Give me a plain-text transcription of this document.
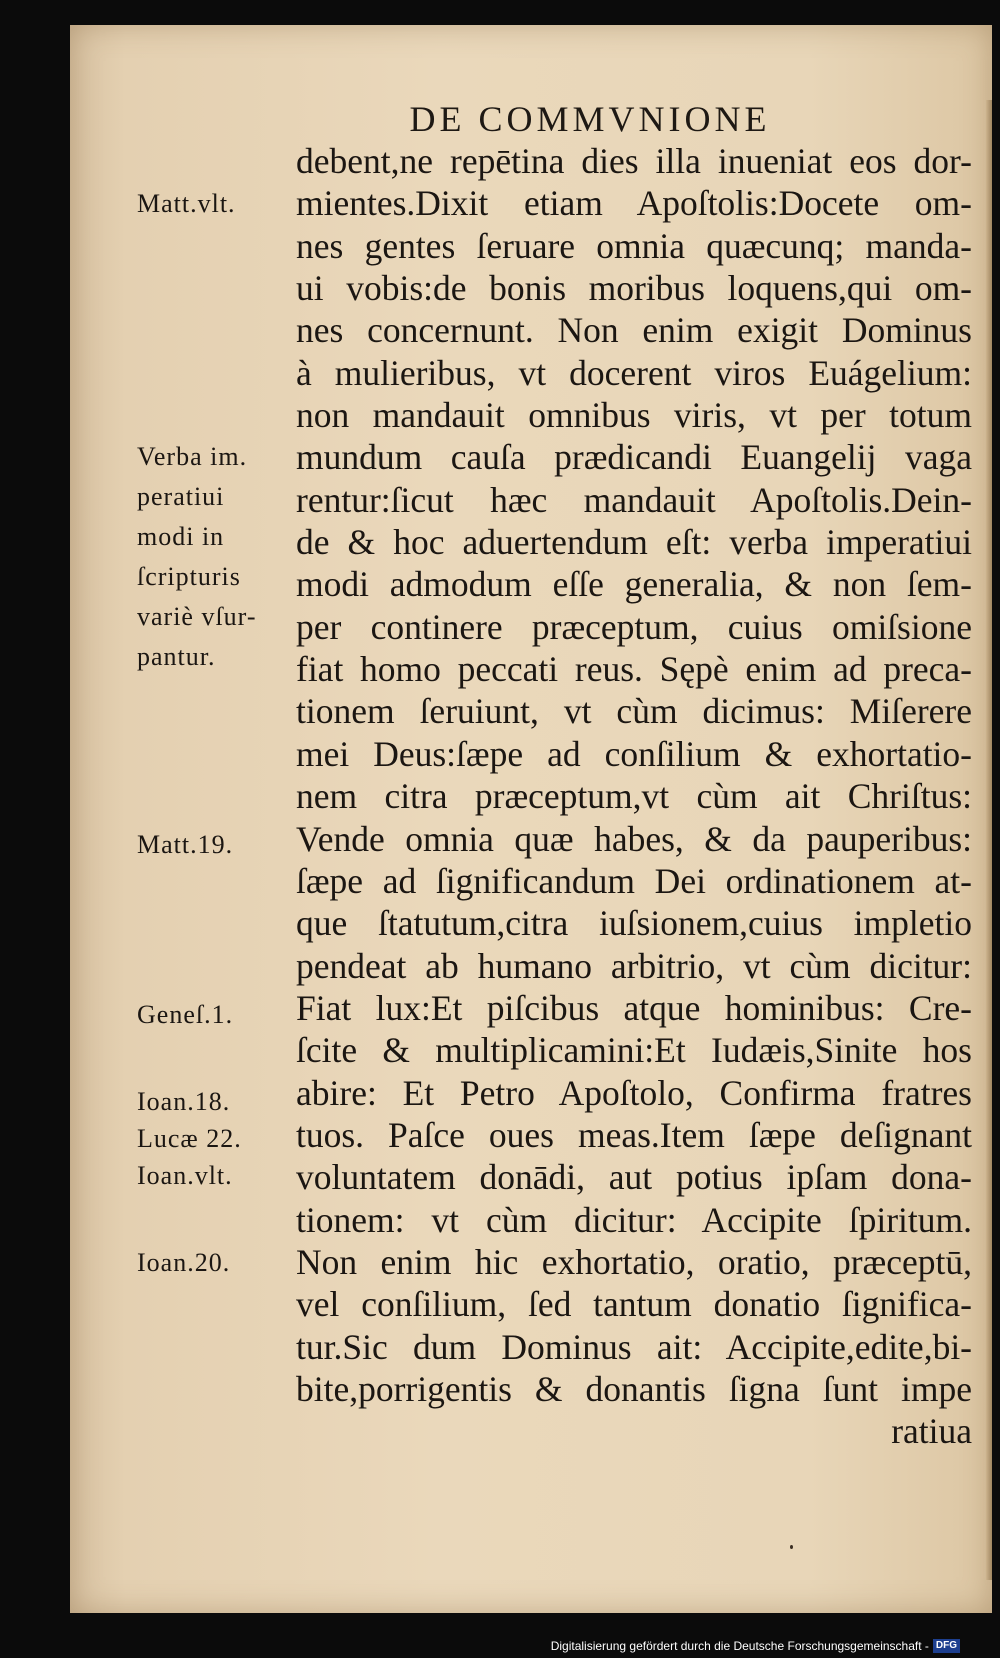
DE COMMVNIONE
debent,ne repētina dies illa inueniat eos dor-
mientes.Dixit etiam Apoſtolis:Docete om-
nes gentes ſeruare omnia quæcunq; manda-
ui vobis:de bonis moribus loquens,qui om-
nes concernunt. Non enim exigit Dominus
à mulieribus, vt docerent viros Euágelium:
non mandauit omnibus viris, vt per totum
mundum cauſa prædicandi Euangelij vaga
rentur:ſicut hæc mandauit Apoſtolis.Dein-
de & hoc aduertendum eſt: verba imperatiui
modi admodum eſſe generalia, & non ſem-
per continere præceptum, cuius omiſsione
fiat homo peccati reus. Sępè enim ad preca-
tionem ſeruiunt, vt cùm dicimus: Miſerere
mei Deus:ſæpe ad conſilium & exhortatio-
nem citra præceptum,vt cùm ait Chriſtus:
Vende omnia quæ habes, & da pauperibus:
ſæpe ad ſignificandum Dei ordinationem at-
que ſtatutum,citra iuſsionem,cuius impletio
pendeat ab humano arbitrio, vt cùm dicitur:
Fiat lux:Et piſcibus atque hominibus: Cre-
ſcite & multiplicamini:Et Iudæis,Sinite hos
abire: Et Petro Apoſtolo, Confirma fratres
tuos. Paſce oues meas.Item ſæpe deſignant
voluntatem donādi, aut potius ipſam dona-
tionem: vt cùm dicitur: Accipite ſpiritum.
Non enim hic exhortatio, oratio, præceptū,
vel conſilium, ſed tantum donatio ſignifica-
tur.Sic dum Dominus ait: Accipite,edite,bi-
bite,porrigentis & donantis ſigna ſunt impe
ratiua
Matt.vlt.
Verba im.
peratiui
modi in
ſcripturis
variè vſur-
pantur.
Matt.19.
Geneſ.1.
Ioan.18.
Lucæ 22.
Ioan.vlt.
Ioan.20.
Digitalisierung gefördert durch die Deutsche Forschungsgemeinschaft - DFG
